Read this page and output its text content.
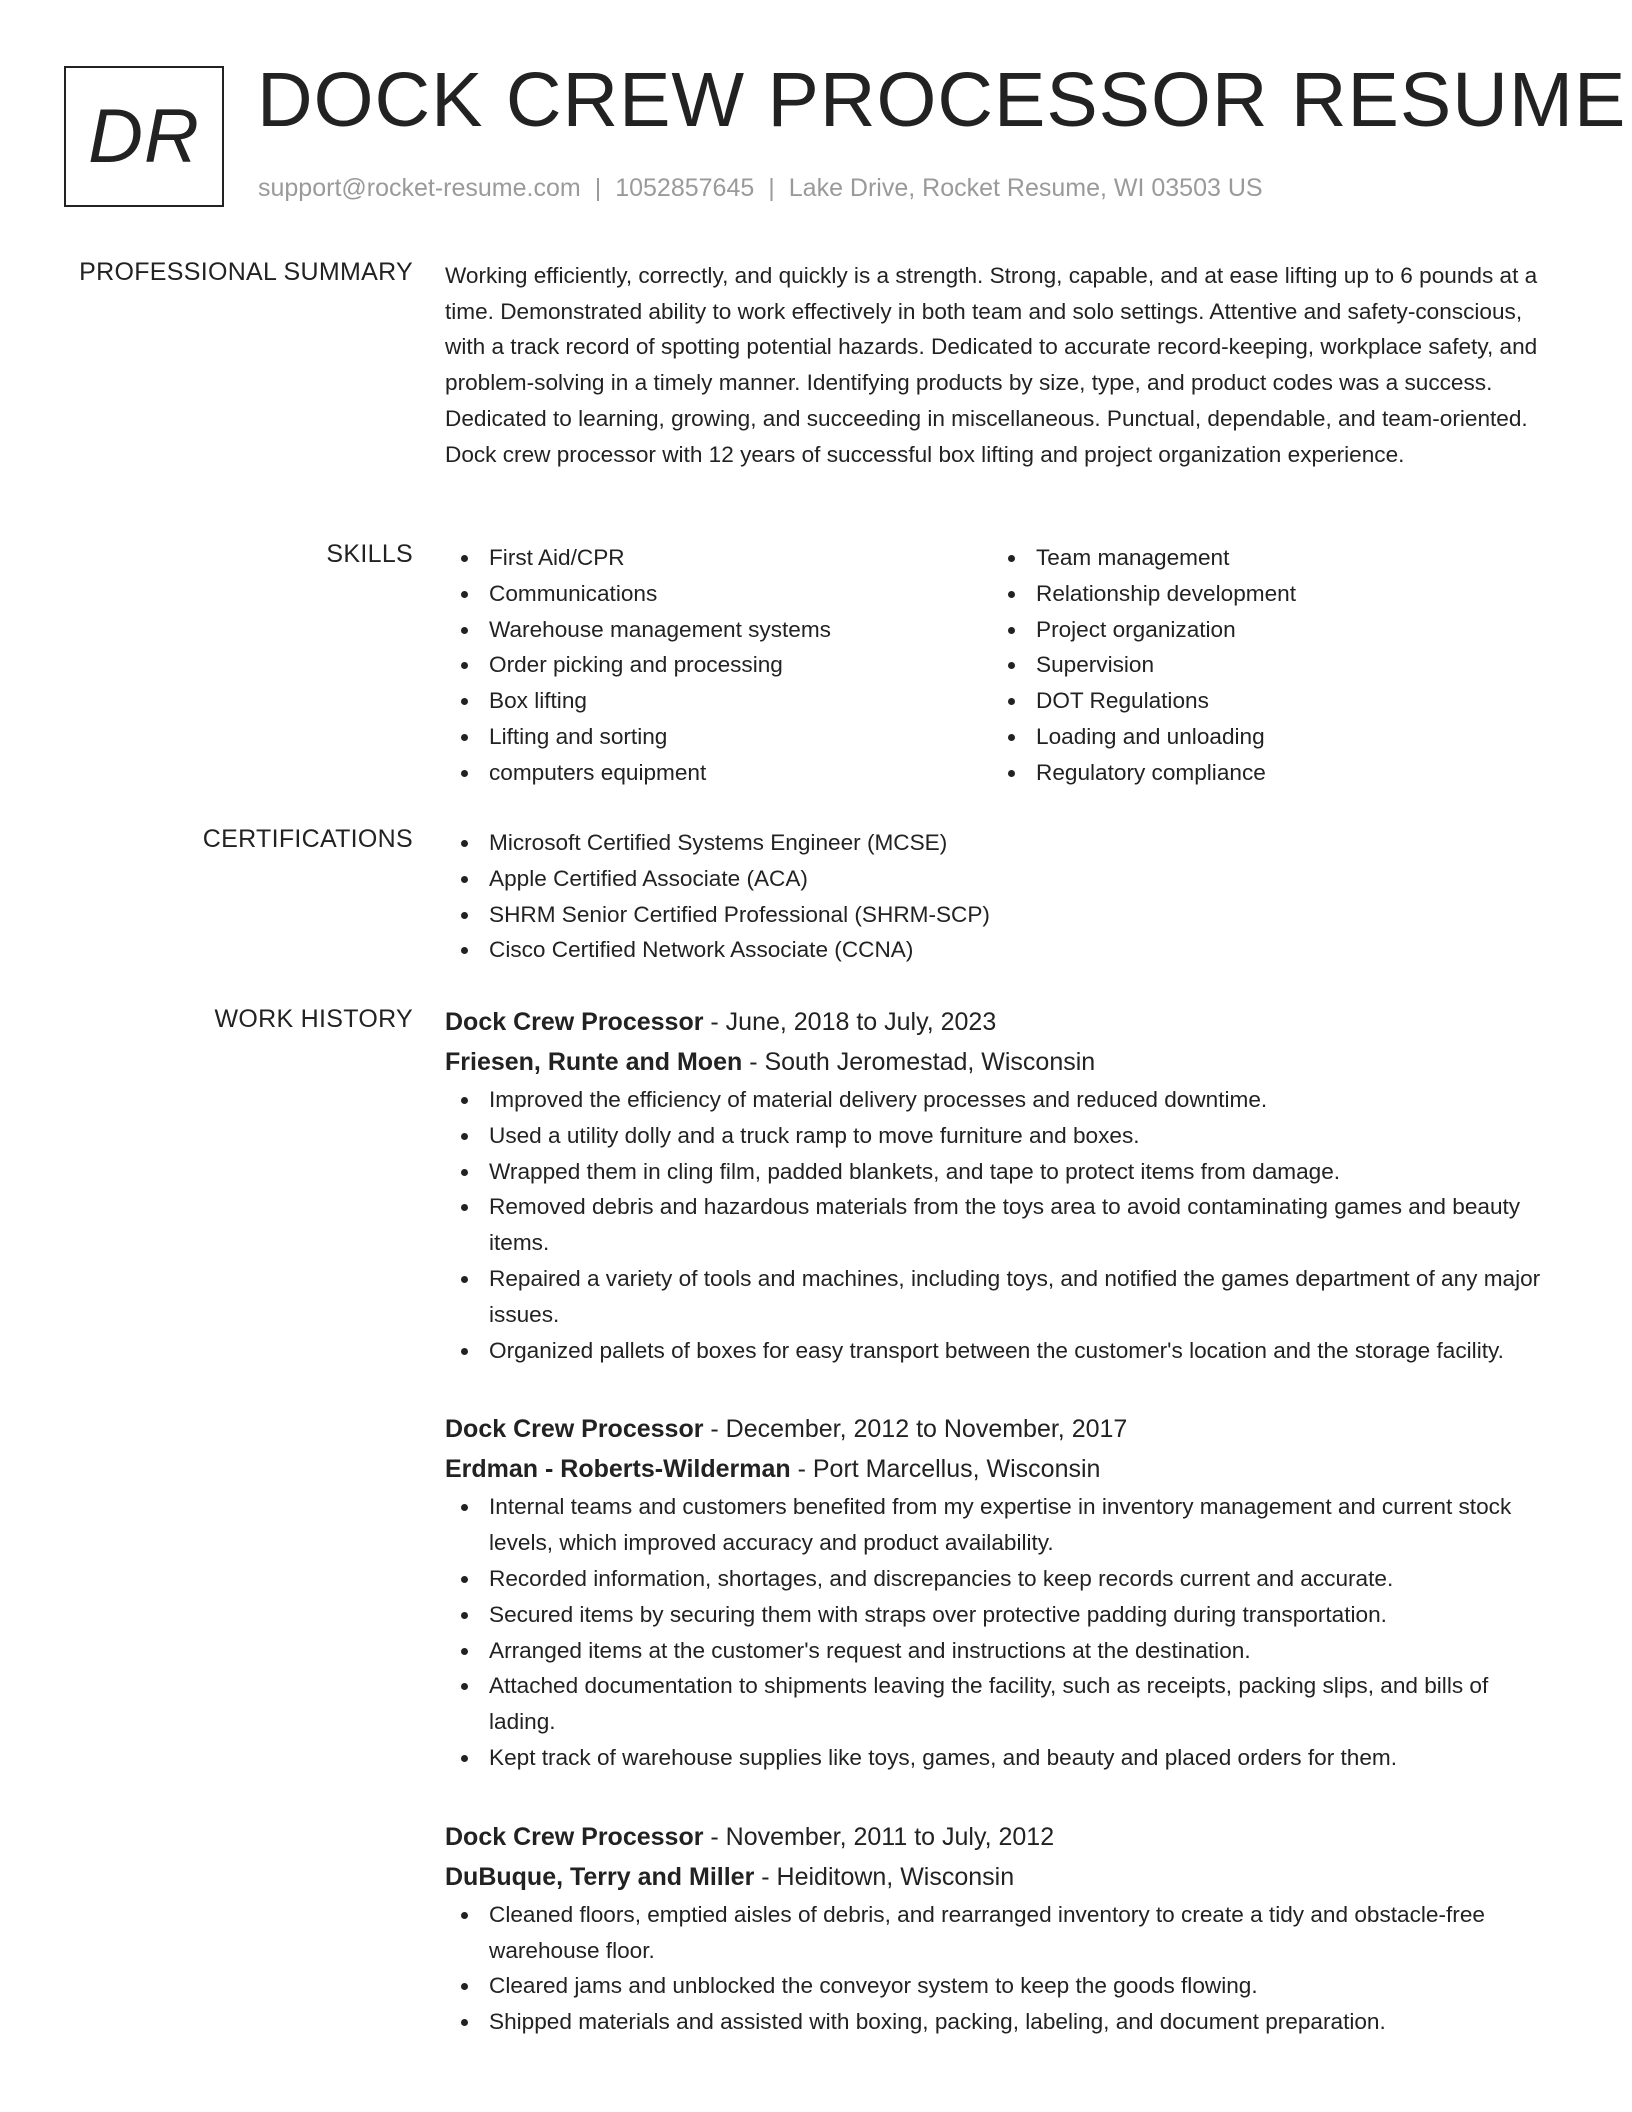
DR DOCK CREW PROCESSOR RESUME
support@rocket-resume.com | 1052857645 | Lake Drive, Rocket Resume, WI 03503 US
PROFESSIONAL SUMMARY Working efficiently, correctly, and quickly is a strength. Strong, capable, and at ease lifting up to 6 pounds at a time. Demonstrated ability to work effectively in both team and solo settings. Attentive and safety-conscious, with a track record of spotting potential hazards. Dedicated to accurate record-keeping, workplace safety, and problem-solving in a timely manner. Identifying products by size, type, and product codes was a success. Dedicated to learning, growing, and succeeding in miscellaneous. Punctual, dependable, and team-oriented. Dock crew processor with 12 years of successful box lifting and project organization experience.

SKILLS	First Aid/CPR
Communications
Warehouse management systems
Order picking and processing
Box lifting
Lifting and sorting
computers equipment
Team management
Relationship development
Project organization
Supervision
DOT Regulations
Loading and unloading
Regulatory compliance
CERTIFICATIONS	Microsoft Certified Systems Engineer (MCSE)
Apple Certified Associate (ACA)
SHRM Senior Certified Professional (SHRM-SCP)
Cisco Certified Network Associate (CCNA)
WORK HISTORY Dock Crew Processor - June, 2018 to July, 2023
Friesen, Runte and Moen - South Jeromestad, Wisconsin
Improved the efficiency of material delivery processes and reduced downtime.
Used a utility dolly and a truck ramp to move furniture and boxes.
Wrapped them in cling film, padded blankets, and tape to protect items from damage.
Removed debris and hazardous materials from the toys area to avoid contaminating games and beauty items.
Repaired a variety of tools and machines, including toys, and notified the games department of any major issues.
Organized pallets of boxes for easy transport between the customer's location and the storage facility.
Dock Crew Processor - December, 2012 to November, 2017
Erdman - Roberts-Wilderman - Port Marcellus, Wisconsin
Internal teams and customers benefited from my expertise in inventory management and current stock levels, which improved accuracy and product availability.
Recorded information, shortages, and discrepancies to keep records current and accurate.
Secured items by securing them with straps over protective padding during transportation.
Arranged items at the customer's request and instructions at the destination.
Attached documentation to shipments leaving the facility, such as receipts, packing slips, and bills of lading.
Kept track of warehouse supplies like toys, games, and beauty and placed orders for them.
Dock Crew Processor - November, 2011 to July, 2012
DuBuque, Terry and Miller - Heiditown, Wisconsin
Cleaned floors, emptied aisles of debris, and rearranged inventory to create a tidy and obstacle-free warehouse floor.
Cleared jams and unblocked the conveyor system to keep the goods flowing.
Shipped materials and assisted with boxing, packing, labeling, and document preparation.
